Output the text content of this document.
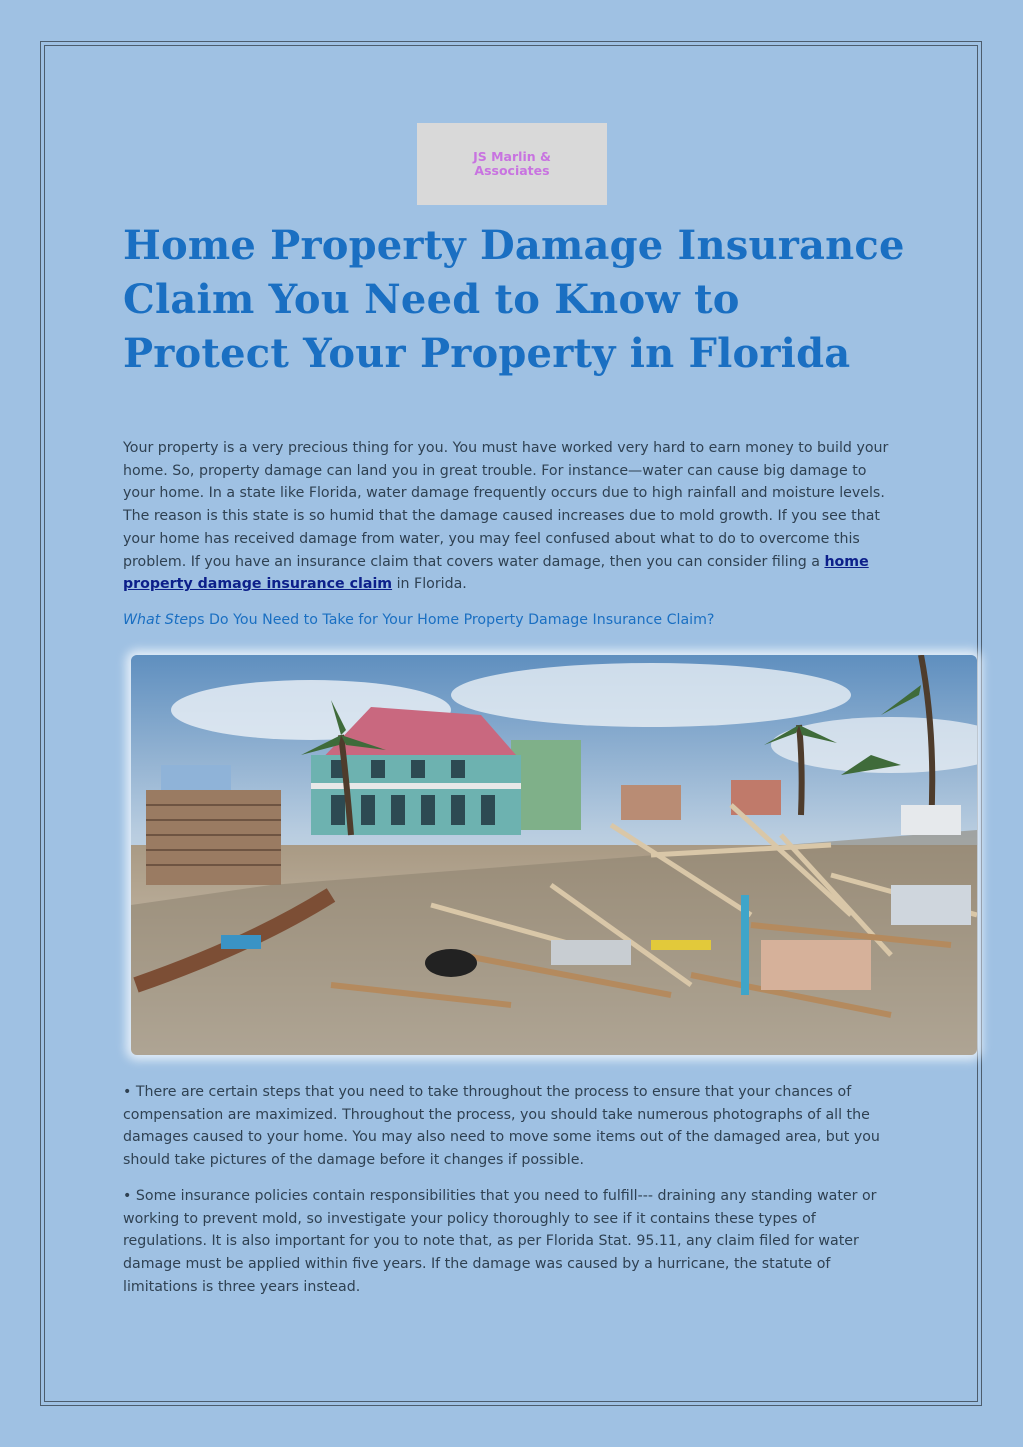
JS Marlin &
Associates
Home Property Damage Insurance
Claim You Need to Know to
Protect Your Property in Florida

Your property is a very precious thing for you. You must have worked very hard to earn money to build your home. So, property damage can land you in great trouble. For instance—water can cause big damage to your home. In a state like Florida, water damage frequently occurs due to high rainfall and moisture levels. The reason is this state is so humid that the damage caused increases due to mold growth. If you see that your home has received damage from water, you may feel confused about what to do to overcome this problem. If you have an insurance claim that covers water damage, then you can consider filing a home property damage insurance claim in Florida.

What Steps Do You Need to Take for Your Home Property Damage Insurance Claim?

• There are certain steps that you need to take throughout the process to ensure that your chances of compensation are maximized. Throughout the process, you should take numerous photographs of all the damages caused to your home. You may also need to move some items out of the damaged area, but you should take pictures of the damage before it changes if possible.

• Some insurance policies contain responsibilities that you need to fulfill--- draining any standing water or working to prevent mold, so investigate your policy thoroughly to see if it contains these types of regulations. It is also important for you to note that, as per Florida Stat. 95.11, any claim filed for water damage must be applied within five years. If the damage was caused by a hurricane, the statute of limitations is three years instead.
